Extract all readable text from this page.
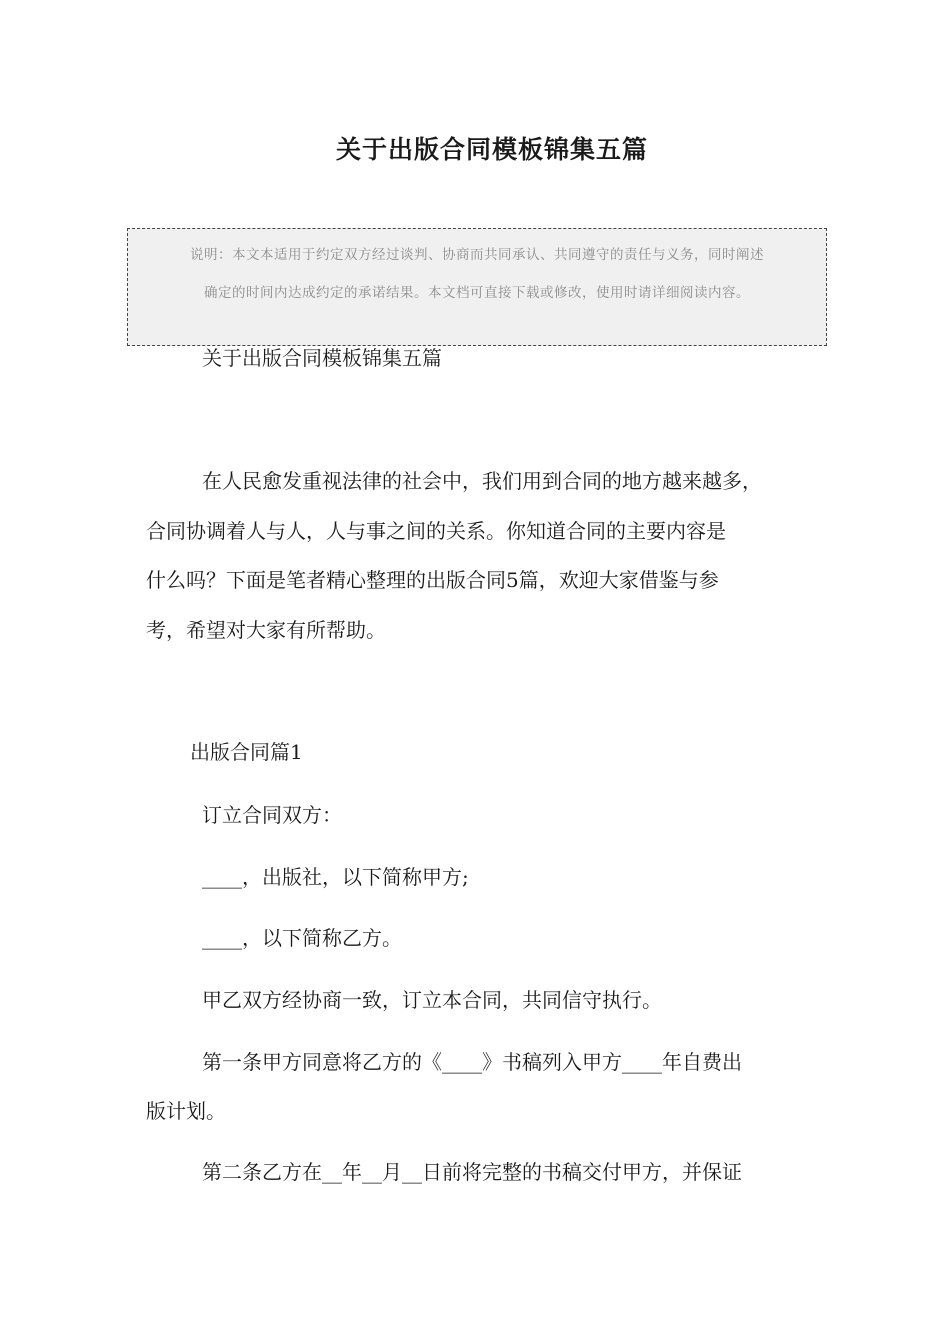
关于出版合同模板锦集五篇
说明：本文本适用于约定双方经过谈判、协商而共同承认、共同遵守的责任与义务，同时阐述
确定的时间内达成约定的承诺结果。本文档可直接下载或修改，使用时请详细阅读内容。
关于出版合同模板锦集五篇
在人民愈发重视法律的社会中，我们用到合同的地方越来越多，
合同协调着人与人，人与事之间的关系。你知道合同的主要内容是
什么吗？下面是笔者精心整理的出版合同5篇，欢迎大家借鉴与参
考，希望对大家有所帮助。
出版合同篇1
订立合同双方：
____，出版社，以下简称甲方;
____，以下简称乙方。
甲乙双方经协商一致，订立本合同，共同信守执行。
第一条甲方同意将乙方的《____》书稿列入甲方____年自费出
版计划。
第二条乙方在__年__月__日前将完整的书稿交付甲方，并保证
